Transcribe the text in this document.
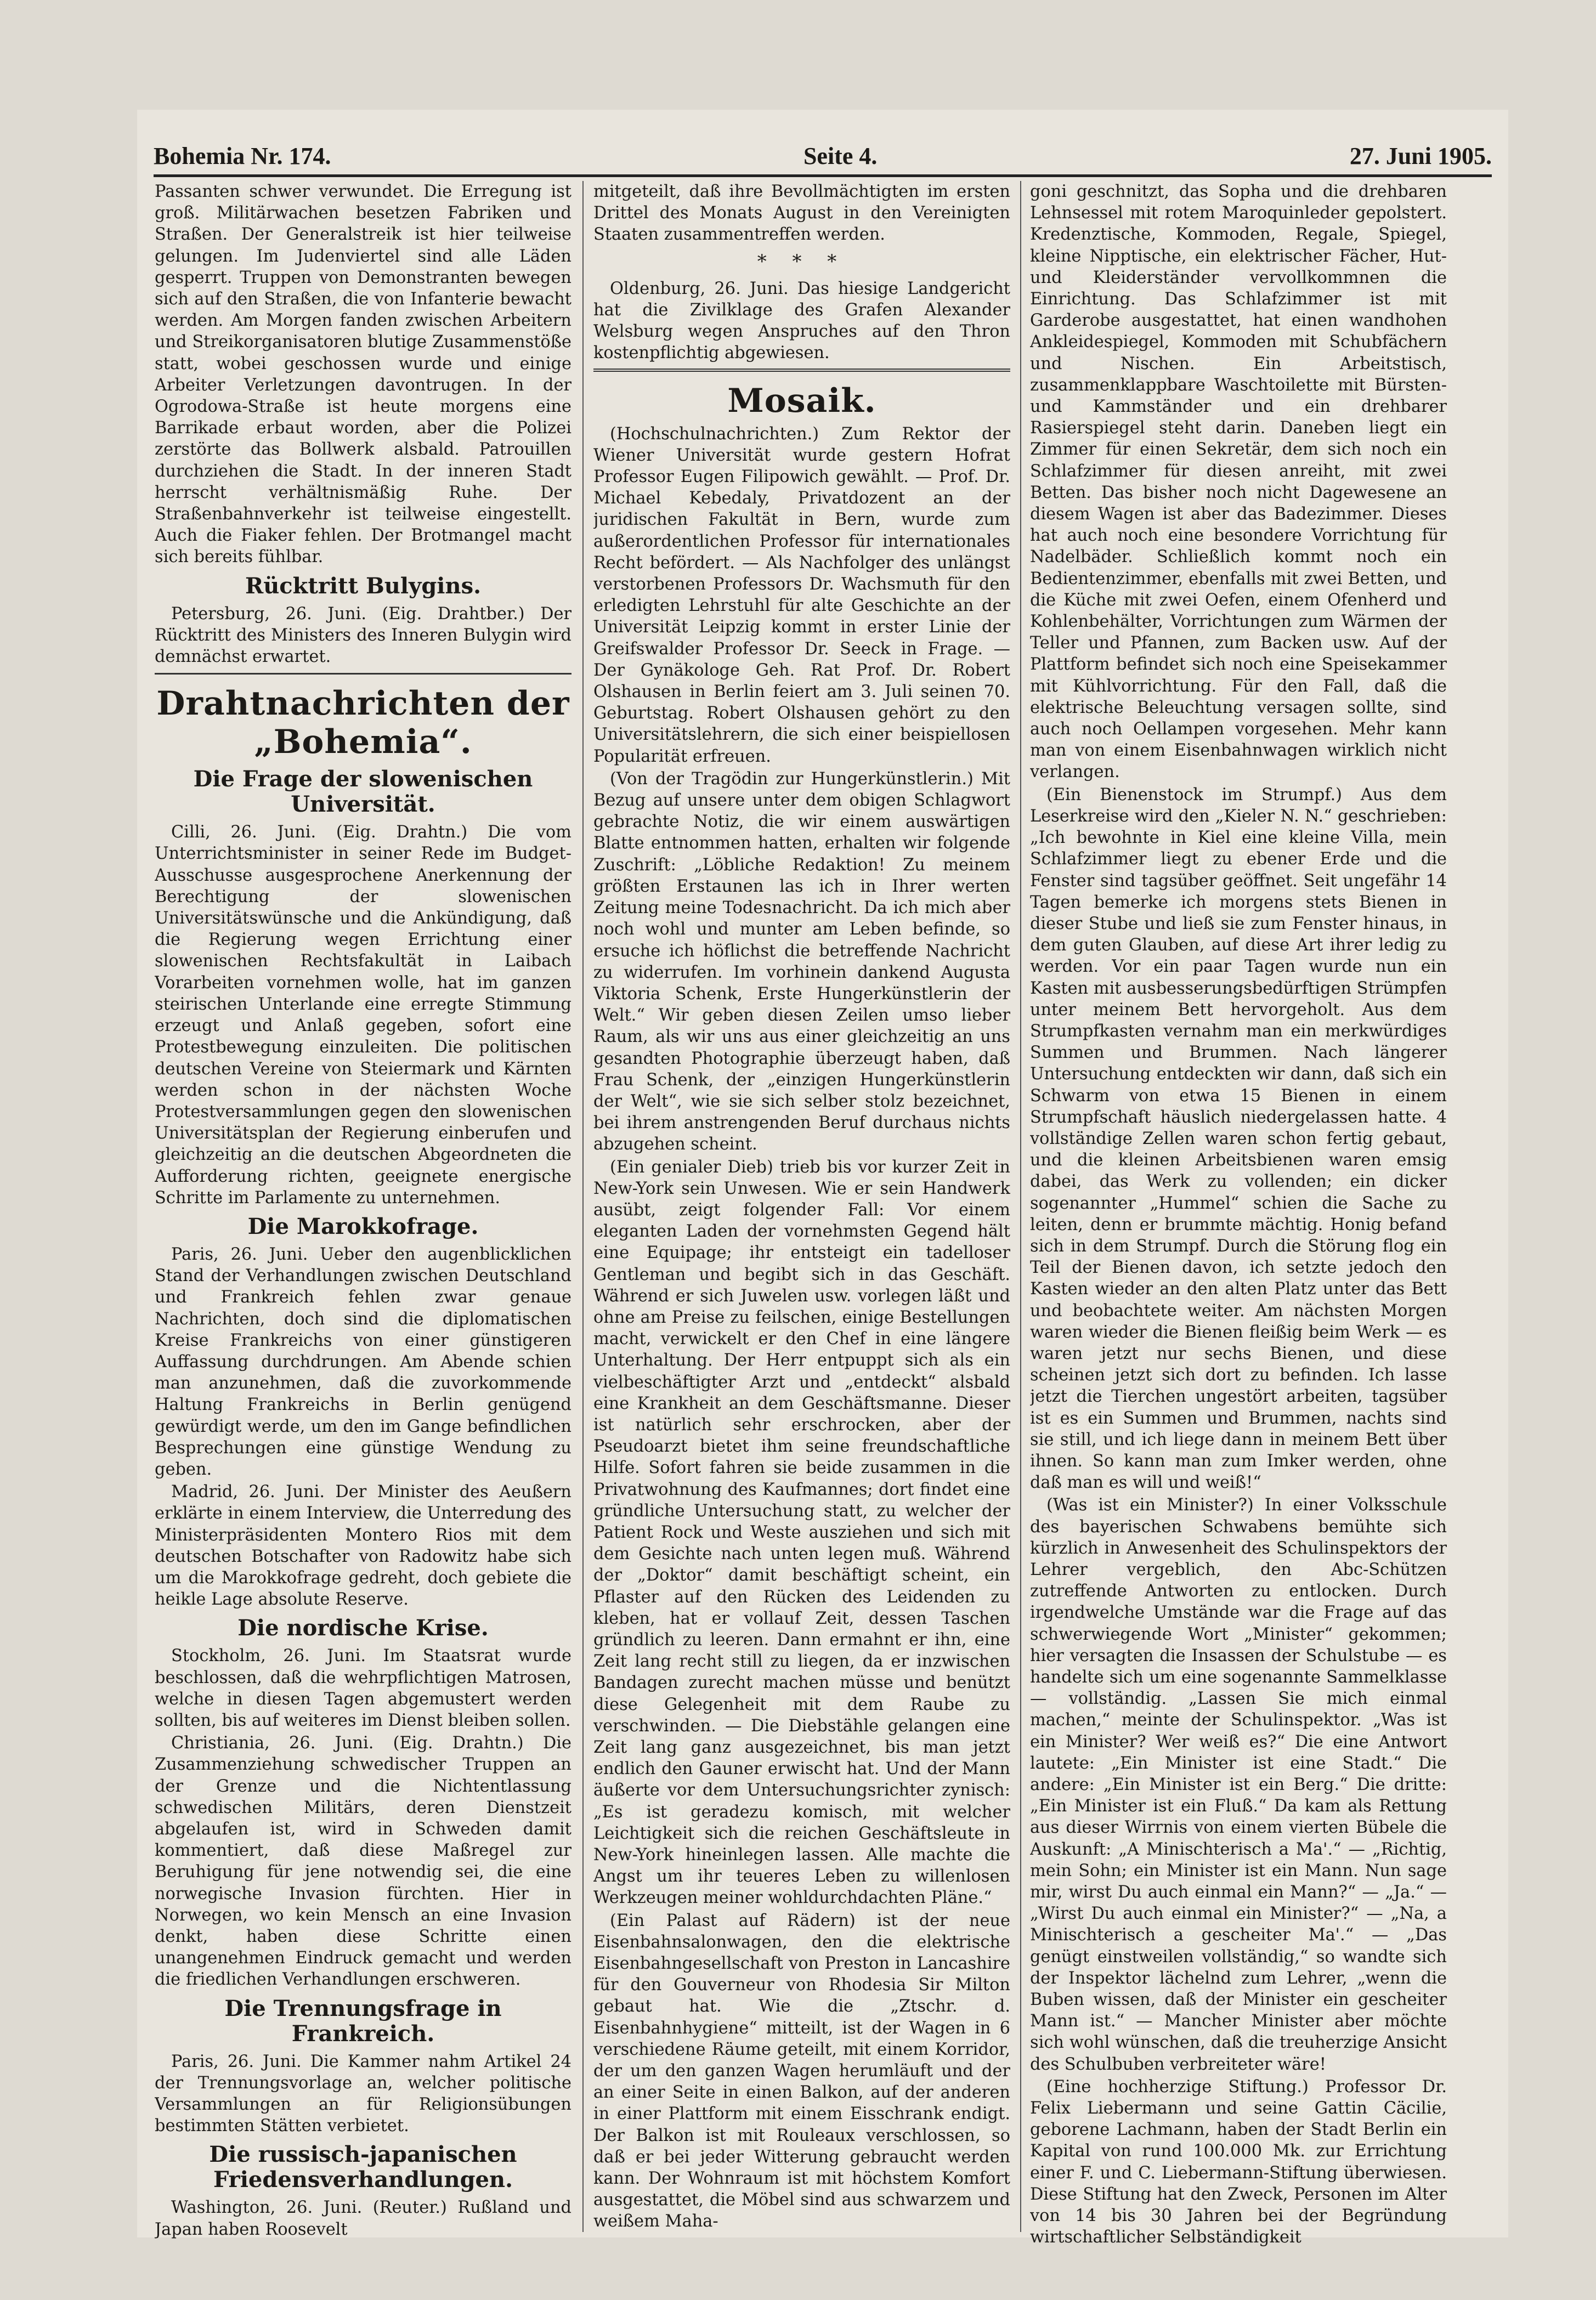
Bohemia Nr. 174.	Seite 4.	27. Juni 1905.

Passanten schwer verwundet. Die Erregung ist groß. Militärwachen besetzen Fabriken und Straßen. Der Generalstreik ist hier teilweise gelungen. Im Judenviertel sind alle Läden gesperrt. Truppen von Demonstranten bewegen sich auf den Straßen, die von Infanterie bewacht werden. Am Morgen fanden zwischen Arbeitern und Streikorganisatoren blutige Zusammenstöße statt, wobei geschossen wurde und einige Arbeiter Verletzungen davontrugen. In der Ogrodowa-Straße ist heute morgens eine Barrikade erbaut worden, aber die Polizei zerstörte das Bollwerk alsbald. Patrouillen durchziehen die Stadt. In der inneren Stadt herrscht verhältnismäßig Ruhe. Der Straßenbahnverkehr ist teilweise eingestellt. Auch die Fiaker fehlen. Der Brotmangel macht sich bereits fühlbar.

Rücktritt Bulygins.

Petersburg, 26. Juni. (Eig. Drahtber.) Der Rücktritt des Ministers des Inneren Bulygin wird demnächst erwartet.

Drahtnachrichten der „Bohemia“.
Die Frage der slowenischen Universität.

Cilli, 26. Juni. (Eig. Drahtn.) Die vom Unterrichtsminister in seiner Rede im Budget-Ausschusse ausgesprochene Anerkennung der Berechtigung der slowenischen Universitätswünsche und die Ankündigung, daß die Regierung wegen Errichtung einer slowenischen Rechtsfakultät in Laibach Vorarbeiten vornehmen wolle, hat im ganzen steirischen Unterlande eine erregte Stimmung erzeugt und Anlaß gegeben, sofort eine Protestbewegung einzuleiten. Die politischen deutschen Vereine von Steiermark und Kärnten werden schon in der nächsten Woche Protestversammlungen gegen den slowenischen Universitätsplan der Regierung einberufen und gleichzeitig an die deutschen Abgeordneten die Aufforderung richten, geeignete energische Schritte im Parlamente zu unternehmen.

Die Marokkofrage.

Paris, 26. Juni. Ueber den augenblicklichen Stand der Verhandlungen zwischen Deutschland und Frankreich fehlen zwar genaue Nachrichten, doch sind die diplomatischen Kreise Frankreichs von einer günstigeren Auffassung durchdrungen. Am Abende schien man anzunehmen, daß die zuvorkommende Haltung Frankreichs in Berlin genügend gewürdigt werde, um den im Gange befindlichen Besprechungen eine günstige Wendung zu geben.

Madrid, 26. Juni. Der Minister des Aeußern erklärte in einem Interview, die Unterredung des Ministerpräsidenten Montero Rios mit dem deutschen Botschafter von Radowitz habe sich um die Marokkofrage gedreht, doch gebiete die heikle Lage absolute Reserve.

Die nordische Krise.

Stockholm, 26. Juni. Im Staatsrat wurde beschlossen, daß die wehrpflichtigen Matrosen, welche in diesen Tagen abgemustert werden sollten, bis auf weiteres im Dienst bleiben sollen.

Christiania, 26. Juni. (Eig. Drahtn.) Die Zusammenziehung schwedischer Truppen an der Grenze und die Nichtentlassung schwedischen Militärs, deren Dienstzeit abgelaufen ist, wird in Schweden damit kommentiert, daß diese Maßregel zur Beruhigung für jene notwendig sei, die eine norwegische Invasion fürchten. Hier in Norwegen, wo kein Mensch an eine Invasion denkt, haben diese Schritte einen unangenehmen Eindruck gemacht und werden die friedlichen Verhandlungen erschweren.

Die Trennungsfrage in Frankreich.

Paris, 26. Juni. Die Kammer nahm Artikel 24 der Trennungsvorlage an, welcher politische Versammlungen an für Religionsübungen bestimmten Stätten verbietet.

Die russisch-japanischen Friedensverhandlungen.

Washington, 26. Juni. (Reuter.) Rußland und Japan haben Roosevelt

mitgeteilt, daß ihre Bevollmächtigten im ersten Drittel des Monats August in den Vereinigten Staaten zusammentreffen werden.

* * *

Oldenburg, 26. Juni. Das hiesige Landgericht hat die Zivilklage des Grafen Alexander Welsburg wegen Anspruches auf den Thron kostenpflichtig abgewiesen.

Mosaik.

(Hochschulnachrichten.) Zum Rektor der Wiener Universität wurde gestern Hofrat Professor Eugen Filipowich gewählt. — Prof. Dr. Michael Kebedaly, Privatdozent an der juridischen Fakultät in Bern, wurde zum außerordentlichen Professor für internationales Recht befördert. — Als Nachfolger des unlängst verstorbenen Professors Dr. Wachsmuth für den erledigten Lehrstuhl für alte Geschichte an der Universität Leipzig kommt in erster Linie der Greifswalder Professor Dr. Seeck in Frage. — Der Gynäkologe Geh. Rat Prof. Dr. Robert Olshausen in Berlin feiert am 3. Juli seinen 70. Geburtstag. Robert Olshausen gehört zu den Universitätslehrern, die sich einer beispiellosen Popularität erfreuen.

(Von der Tragödin zur Hungerkünstlerin.) Mit Bezug auf unsere unter dem obigen Schlagwort gebrachte Notiz, die wir einem auswärtigen Blatte entnommen hatten, erhalten wir folgende Zuschrift: „Löbliche Redaktion! Zu meinem größten Erstaunen las ich in Ihrer werten Zeitung meine Todesnachricht. Da ich mich aber noch wohl und munter am Leben befinde, so ersuche ich höflichst die betreffende Nachricht zu widerrufen. Im vorhinein dankend Augusta Viktoria Schenk, Erste Hungerkünstlerin der Welt.“ Wir geben diesen Zeilen umso lieber Raum, als wir uns aus einer gleichzeitig an uns gesandten Photographie überzeugt haben, daß Frau Schenk, der „einzigen Hungerkünstlerin der Welt“, wie sie sich selber stolz bezeichnet, bei ihrem anstrengenden Beruf durchaus nichts abzugehen scheint.

(Ein genialer Dieb) trieb bis vor kurzer Zeit in New-York sein Unwesen. Wie er sein Handwerk ausübt, zeigt folgender Fall: Vor einem eleganten Laden der vornehmsten Gegend hält eine Equipage; ihr entsteigt ein tadelloser Gentleman und begibt sich in das Geschäft. Während er sich Juwelen usw. vorlegen läßt und ohne am Preise zu feilschen, einige Bestellungen macht, verwickelt er den Chef in eine längere Unterhaltung. Der Herr entpuppt sich als ein vielbeschäftigter Arzt und „entdeckt“ alsbald eine Krankheit an dem Geschäftsmanne. Dieser ist natürlich sehr erschrocken, aber der Pseudoarzt bietet ihm seine freundschaftliche Hilfe. Sofort fahren sie beide zusammen in die Privatwohnung des Kaufmannes; dort findet eine gründliche Untersuchung statt, zu welcher der Patient Rock und Weste ausziehen und sich mit dem Gesichte nach unten legen muß. Während der „Doktor“ damit beschäftigt scheint, ein Pflaster auf den Rücken des Leidenden zu kleben, hat er vollauf Zeit, dessen Taschen gründlich zu leeren. Dann ermahnt er ihn, eine Zeit lang recht still zu liegen, da er inzwischen Bandagen zurecht machen müsse und benützt diese Gelegenheit mit dem Raube zu verschwinden. — Die Diebstähle gelangen eine Zeit lang ganz ausgezeichnet, bis man jetzt endlich den Gauner erwischt hat. Und der Mann äußerte vor dem Untersuchungsrichter zynisch: „Es ist geradezu komisch, mit welcher Leichtigkeit sich die reichen Geschäftsleute in New-York hineinlegen lassen. Alle machte die Angst um ihr teueres Leben zu willenlosen Werkzeugen meiner wohldurchdachten Pläne.“

(Ein Palast auf Rädern) ist der neue Eisenbahnsalonwagen, den die elektrische Eisenbahngesellschaft von Preston in Lancashire für den Gouverneur von Rhodesia Sir Milton gebaut hat. Wie die „Ztschr. d. Eisenbahnhygiene“ mitteilt, ist der Wagen in 6 verschiedene Räume geteilt, mit einem Korridor, der um den ganzen Wagen herumläuft und der an einer Seite in einen Balkon, auf der anderen in einer Plattform mit einem Eisschrank endigt. Der Balkon ist mit Rouleaux verschlossen, so daß er bei jeder Witterung gebraucht werden kann. Der Wohnraum ist mit höchstem Komfort ausgestattet, die Möbel sind aus schwarzem und weißem Maha-

goni geschnitzt, das Sopha und die drehbaren Lehnsessel mit rotem Maroquinleder gepolstert. Kredenztische, Kommoden, Regale, Spiegel, kleine Nipptische, ein elektrischer Fächer, Hut- und Kleiderständer vervollkommnen die Einrichtung. Das Schlafzimmer ist mit Garderobe ausgestattet, hat einen wandhohen Ankleidespiegel, Kommoden mit Schubfächern und Nischen. Ein Arbeitstisch, zusammenklappbare Waschtoilette mit Bürsten- und Kammständer und ein drehbarer Rasierspiegel steht darin. Daneben liegt ein Zimmer für einen Sekretär, dem sich noch ein Schlafzimmer für diesen anreiht, mit zwei Betten. Das bisher noch nicht Dagewesene an diesem Wagen ist aber das Badezimmer. Dieses hat auch noch eine besondere Vorrichtung für Nadelbäder. Schließlich kommt noch ein Bedientenzimmer, ebenfalls mit zwei Betten, und die Küche mit zwei Oefen, einem Ofenherd und Kohlenbehälter, Vorrichtungen zum Wärmen der Teller und Pfannen, zum Backen usw. Auf der Plattform befindet sich noch eine Speisekammer mit Kühlvorrichtung. Für den Fall, daß die elektrische Beleuchtung versagen sollte, sind auch noch Oellampen vorgesehen. Mehr kann man von einem Eisenbahnwagen wirklich nicht verlangen.

(Ein Bienenstock im Strumpf.) Aus dem Leserkreise wird den „Kieler N. N.“ geschrieben: „Ich bewohnte in Kiel eine kleine Villa, mein Schlafzimmer liegt zu ebener Erde und die Fenster sind tagsüber geöffnet. Seit ungefähr 14 Tagen bemerke ich morgens stets Bienen in dieser Stube und ließ sie zum Fenster hinaus, in dem guten Glauben, auf diese Art ihrer ledig zu werden. Vor ein paar Tagen wurde nun ein Kasten mit ausbesserungsbedürftigen Strümpfen unter meinem Bett hervorgeholt. Aus dem Strumpfkasten vernahm man ein merkwürdiges Summen und Brummen. Nach längerer Untersuchung entdeckten wir dann, daß sich ein Schwarm von etwa 15 Bienen in einem Strumpfschaft häuslich niedergelassen hatte. 4 vollständige Zellen waren schon fertig gebaut, und die kleinen Arbeitsbienen waren emsig dabei, das Werk zu vollenden; ein dicker sogenannter „Hummel“ schien die Sache zu leiten, denn er brummte mächtig. Honig befand sich in dem Strumpf. Durch die Störung flog ein Teil der Bienen davon, ich setzte jedoch den Kasten wieder an den alten Platz unter das Bett und beobachtete weiter. Am nächsten Morgen waren wieder die Bienen fleißig beim Werk — es waren jetzt nur sechs Bienen, und diese scheinen jetzt sich dort zu befinden. Ich lasse jetzt die Tierchen ungestört arbeiten, tagsüber ist es ein Summen und Brummen, nachts sind sie still, und ich liege dann in meinem Bett über ihnen. So kann man zum Imker werden, ohne daß man es will und weiß!“

(Was ist ein Minister?) In einer Volksschule des bayerischen Schwabens bemühte sich kürzlich in Anwesenheit des Schulinspektors der Lehrer vergeblich, den Abc-Schützen zutreffende Antworten zu entlocken. Durch irgendwelche Umstände war die Frage auf das schwerwiegende Wort „Minister“ gekommen; hier versagten die Insassen der Schulstube — es handelte sich um eine sogenannte Sammelklasse — vollständig. „Lassen Sie mich einmal machen,“ meinte der Schulinspektor. „Was ist ein Minister? Wer weiß es?“ Die eine Antwort lautete: „Ein Minister ist eine Stadt.“ Die andere: „Ein Minister ist ein Berg.“ Die dritte: „Ein Minister ist ein Fluß.“ Da kam als Rettung aus dieser Wirrnis von einem vierten Bübele die Auskunft: „A Minischterisch a Ma'.“ — „Richtig, mein Sohn; ein Minister ist ein Mann. Nun sage mir, wirst Du auch einmal ein Mann?“ — „Ja.“ — „Wirst Du auch einmal ein Minister?“ — „Na, a Minischterisch a gescheiter Ma'.“ — „Das genügt einstweilen vollständig,“ so wandte sich der Inspektor lächelnd zum Lehrer, „wenn die Buben wissen, daß der Minister ein gescheiter Mann ist.“ — Mancher Minister aber möchte sich wohl wünschen, daß die treuherzige Ansicht des Schulbuben verbreiteter wäre!

(Eine hochherzige Stiftung.) Professor Dr. Felix Liebermann und seine Gattin Cäcilie, geborene Lachmann, haben der Stadt Berlin ein Kapital von rund 100.000 Mk. zur Errichtung einer F. und C. Liebermann-Stiftung überwiesen. Diese Stiftung hat den Zweck, Personen im Alter von 14 bis 30 Jahren bei der Begründung wirtschaftlicher Selbständigkeit
